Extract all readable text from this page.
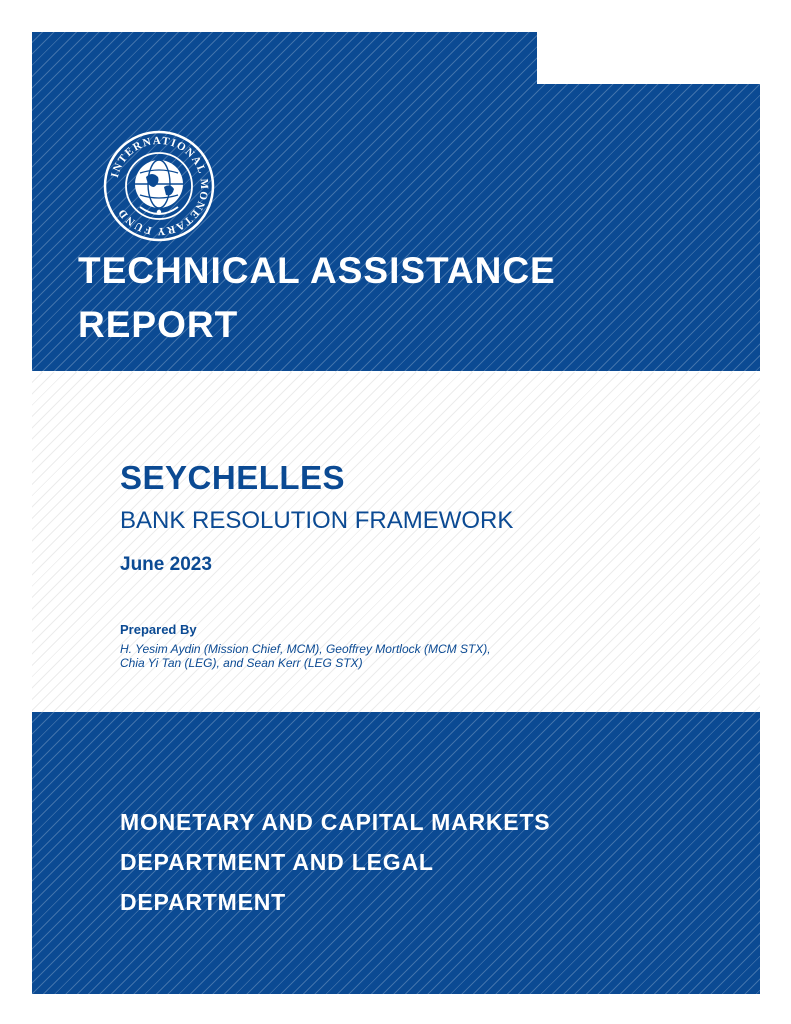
INTERNATIONAL MONETARY FUND
TECHNICAL ASSISTANCE
REPORT
SEYCHELLES
BANK RESOLUTION FRAMEWORK
June 2023
Prepared By
H. Yesim Aydin (Mission Chief, MCM), Geoffrey Mortlock (MCM STX),
Chia Yi Tan (LEG), and Sean Kerr (LEG STX)
MONETARY AND CAPITAL MARKETS
DEPARTMENT AND LEGAL
DEPARTMENT
